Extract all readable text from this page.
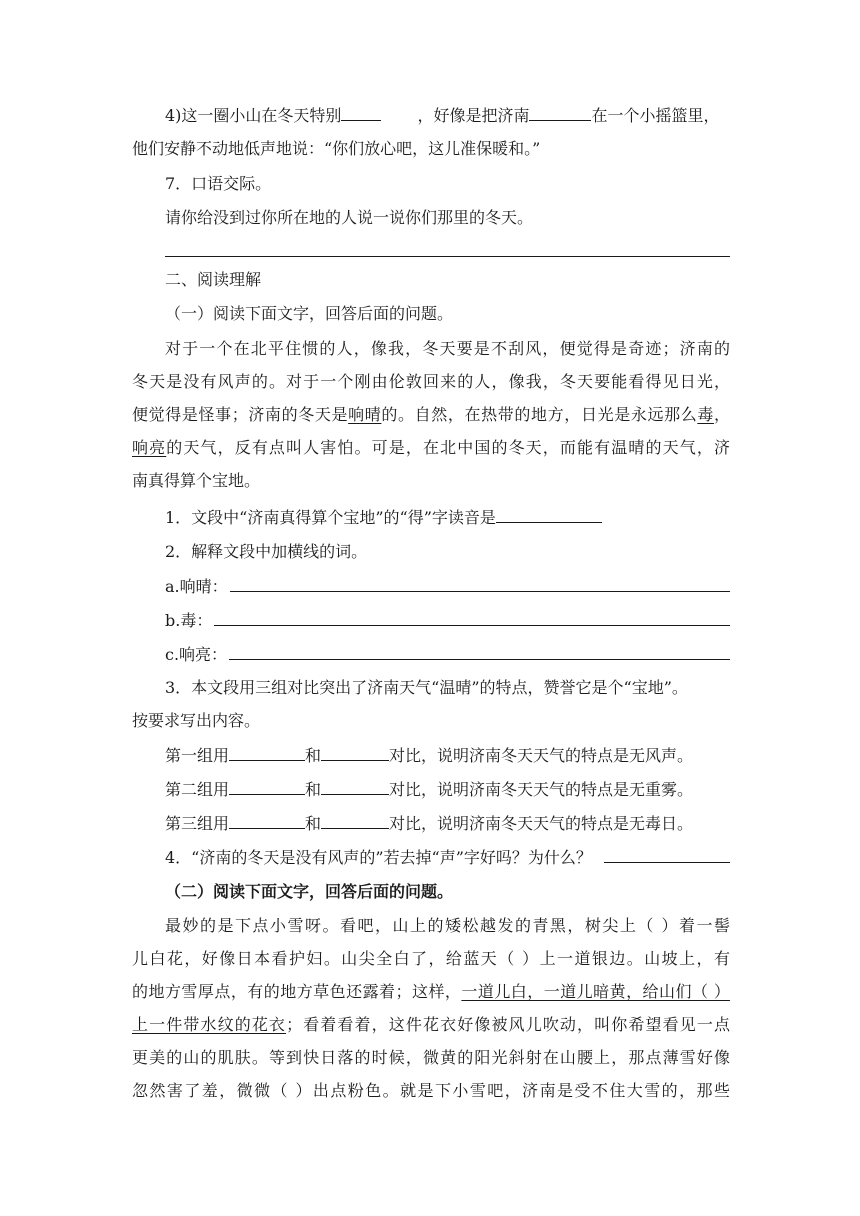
4)这一圈小山在冬天特别	，好像是把济南	在一个小摇篮里，
他们安静不动地低声地说：“你们放心吧，这儿准保暖和。”
7．口语交际。
请你给没到过你所在地的人说一说你们那里的冬天。
二、阅读理解
（一）阅读下面文字，回答后面的问题。
对于一个在北平住惯的人，像我，冬天要是不刮风，便觉得是奇迹；济南的
冬天是没有风声的。对于一个刚由伦敦回来的人，像我，冬天要能看得见日光，
便觉得是怪事；济南的冬天是响晴的。自然，在热带的地方，日光是永远那么毒，
响亮的天气，反有点叫人害怕。可是，在北中国的冬天，而能有温晴的天气，济
南真得算个宝地。
1．文段中“济南真得算个宝地”的“得”字读音是
2．解释文段中加横线的词。
a.响晴：
b.毒：
c.响亮：
3．本文段用三组对比突出了济南天气“温晴”的特点，赞誉它是个“宝地”。
按要求写出内容。
第一组用	和	对比，说明济南冬天天气的特点是无风声。
第二组用	和	对比，说明济南冬天天气的特点是无重雾。
第三组用	和	对比，说明济南冬天天气的特点是无毒日。
4．“济南的冬天是没有风声的”若去掉“声”字好吗？为什么？
（二）阅读下面文字，回答后面的问题。
最妙的是下点小雪呀。看吧，山上的矮松越发的青黑，树尖上（ ）着一髻
儿白花，好像日本看护妇。山尖全白了，给蓝天（ ）上一道银边。山坡上，有
的地方雪厚点，有的地方草色还露着；这样，一道儿白，一道儿暗黄，给山们（ ）
上一件带水纹的花衣；看着看着，这件花衣好像被风儿吹动，叫你希望看见一点
更美的山的肌肤。等到快日落的时候，微黄的阳光斜射在山腰上，那点薄雪好像
忽然害了羞，微微（ ）出点粉色。就是下小雪吧，济南是受不住大雪的，那些
